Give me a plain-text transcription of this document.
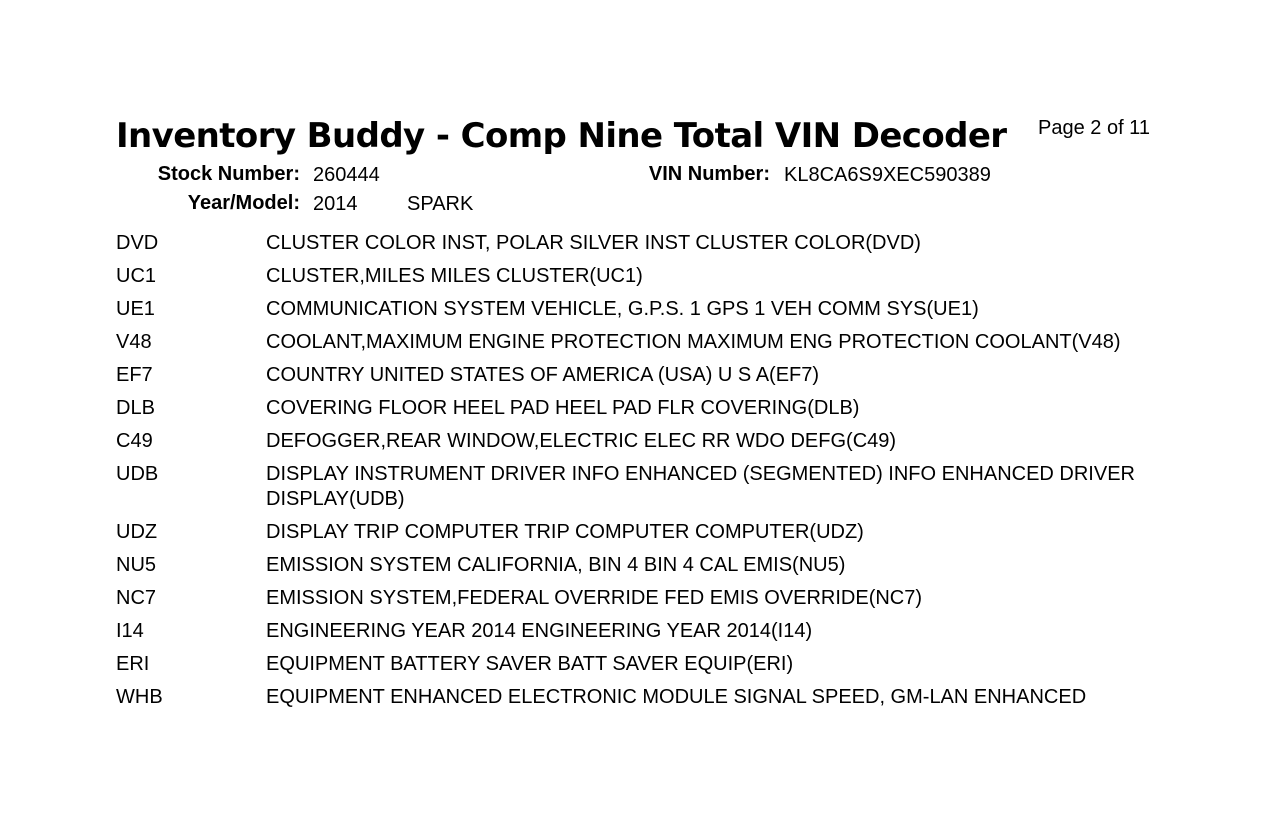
Inventory Buddy - Comp Nine Total VIN Decoder Page 2 of 11
Stock Number: 260444	VIN Number: KL8CA6S9XEC590389
Year/Model: 2014 SPARK
DVD	CLUSTER COLOR INST, POLAR SILVER INST CLUSTER COLOR(DVD)
UC1	CLUSTER,MILES MILES CLUSTER(UC1)
UE1	COMMUNICATION SYSTEM VEHICLE, G.P.S. 1 GPS 1 VEH COMM SYS(UE1)
V48	COOLANT,MAXIMUM ENGINE PROTECTION MAXIMUM ENG PROTECTION COOLANT(V48)
EF7	COUNTRY UNITED STATES OF AMERICA (USA) U S A(EF7)
DLB	COVERING FLOOR HEEL PAD HEEL PAD FLR COVERING(DLB)
C49	DEFOGGER,REAR WINDOW,ELECTRIC ELEC RR WDO DEFG(C49)
UDB	DISPLAY INSTRUMENT DRIVER INFO ENHANCED (SEGMENTED) INFO ENHANCED DRIVER DISPLAY(UDB)
UDZ	DISPLAY TRIP COMPUTER TRIP COMPUTER COMPUTER(UDZ)
NU5	EMISSION SYSTEM CALIFORNIA, BIN 4 BIN 4 CAL EMIS(NU5)
NC7	EMISSION SYSTEM,FEDERAL OVERRIDE FED EMIS OVERRIDE(NC7)
I14	ENGINEERING YEAR 2014 ENGINEERING YEAR 2014(I14)
ERI	EQUIPMENT BATTERY SAVER BATT SAVER EQUIP(ERI)
WHB	EQUIPMENT ENHANCED ELECTRONIC MODULE SIGNAL SPEED, GM-LAN ENHANCED
